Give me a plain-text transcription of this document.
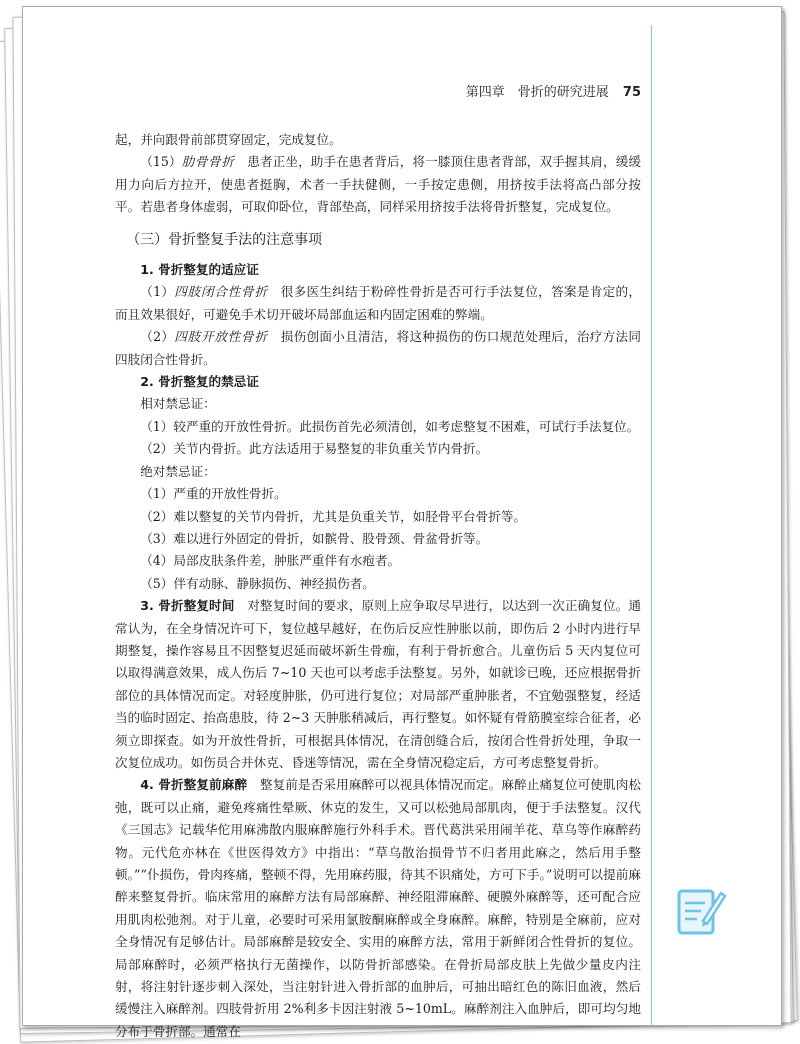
第四章　骨折的研究进展 75

起，并向跟骨前部贯穿固定，完成复位。

（15）肋骨骨折　患者正坐，助手在患者背后，将一膝顶住患者背部，双手握其肩，缓缓用力向后方拉开，使患者挺胸，术者一手扶健侧，一手按定患侧，用挤按手法将高凸部分按平。若患者身体虚弱，可取仰卧位，背部垫高，同样采用挤按手法将骨折整复，完成复位。

（三）骨折整复手法的注意事项

1. 骨折整复的适应证

（1）四肢闭合性骨折　很多医生纠结于粉碎性骨折是否可行手法复位，答案是肯定的，而且效果很好，可避免手术切开破坏局部血运和内固定困难的弊端。

（2）四肢开放性骨折　损伤创面小且清洁，将这种损伤的伤口规范处理后，治疗方法同四肢闭合性骨折。

2. 骨折整复的禁忌证

相对禁忌证：

（1）较严重的开放性骨折。此损伤首先必须清创，如考虑整复不困难，可试行手法复位。

（2）关节内骨折。此方法适用于易整复的非负重关节内骨折。

绝对禁忌证：

（1）严重的开放性骨折。

（2）难以整复的关节内骨折，尤其是负重关节，如胫骨平台骨折等。

（3）难以进行外固定的骨折，如髌骨、股骨颈、骨盆骨折等。

（4）局部皮肤条件差，肿胀严重伴有水疱者。

（5）伴有动脉、静脉损伤、神经损伤者。

3. 骨折整复时间　对整复时间的要求，原则上应争取尽早进行，以达到一次正确复位。通常认为，在全身情况许可下，复位越早越好，在伤后反应性肿胀以前，即伤后 2 小时内进行早期整复，操作容易且不因整复迟延而破坏新生骨痂，有利于骨折愈合。儿童伤后 5 天内复位可以取得满意效果，成人伤后 7~10 天也可以考虑手法整复。另外，如就诊已晚，还应根据骨折部位的具体情况而定。对轻度肿胀，仍可进行复位；对局部严重肿胀者，不宜勉强整复，经适当的临时固定、抬高患肢，待 2~3 天肿胀稍减后，再行整复。如怀疑有骨筋膜室综合征者，必须立即探查。如为开放性骨折，可根据具体情况，在清创缝合后，按闭合性骨折处理，争取一次复位成功。如伤员合并休克、昏迷等情况，需在全身情况稳定后，方可考虑整复骨折。

4. 骨折整复前麻醉　整复前是否采用麻醉可以视具体情况而定。麻醉止痛复位可使肌肉松弛，既可以止痛，避免疼痛性晕厥、休克的发生，又可以松弛局部肌肉，便于手法整复。汉代《三国志》记载华佗用麻沸散内服麻醉施行外科手术。晋代葛洪采用闹羊花、草乌等作麻醉药物。元代危亦林在《世医得效方》中指出：“草乌散治损骨节不归者用此麻之，然后用手整顿。”“仆损伤，骨肉疼痛，整顿不得，先用麻药服，待其不识痛处，方可下手。”说明可以提前麻醉来整复骨折。临床常用的麻醉方法有局部麻醉、神经阻滞麻醉、硬膜外麻醉等，还可配合应用肌肉松弛剂。对于儿童，必要时可采用氯胺酮麻醉或全身麻醉。麻醉，特别是全麻前，应对全身情况有足够估计。局部麻醉是较安全、实用的麻醉方法，常用于新鲜闭合性骨折的复位。局部麻醉时，必须严格执行无菌操作，以防骨折部感染。在骨折局部皮肤上先做少量皮内注射，将注射针逐步刺入深处，当注射针进入骨折部的血肿后，可抽出暗红色的陈旧血液，然后缓慢注入麻醉剂。四肢骨折用 2%利多卡因注射液 5~10mL。麻醉剂注入血肿后，即可均匀地分布于骨折部。通常在
